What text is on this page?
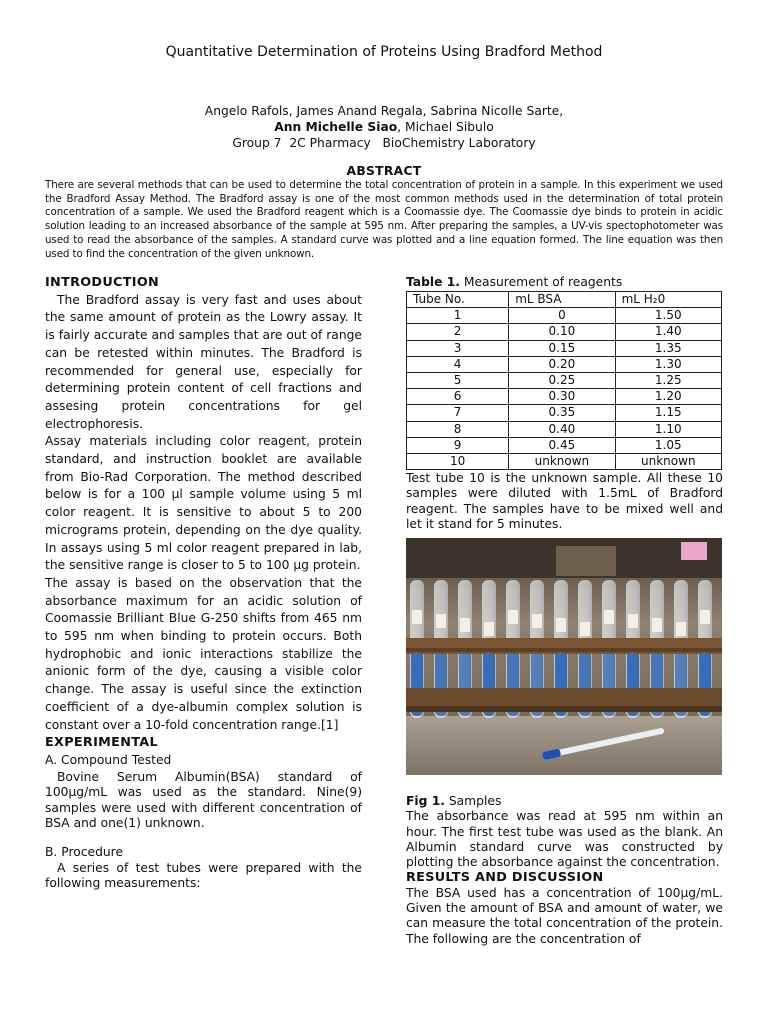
Quantitative Determination of Proteins Using Bradford Method
Angelo Rafols, James Anand Regala, Sabrina Nicolle Sarte,
Ann Michelle Siao, Michael Sibulo
Group 7  2C Pharmacy   BioChemistry Laboratory
ABSTRACT
There are several methods that can be used to determine the total concentration of protein in a sample. In this experiment we used the Bradford Assay Method. The Bradford assay is one of the most common methods used in the determination of total protein concentration of a sample. We used the Bradford reagent which is a Coomassie dye. The Coomassie dye binds to protein in acidic solution leading to an increased absorbance of the sample at 595 nm. After preparing the samples, a UV-vis spectophotometer was used to read the absorbance of the samples. A standard curve was plotted and a line equation formed. The line equation was then used to find the concentration of the given unknown.
INTRODUCTION

The Bradford assay is very fast and uses about the same amount of protein as the Lowry assay. It is fairly accurate and samples that are out of range can be retested within minutes. The Bradford is recommended for general use, especially for determining protein content of cell fractions and assesing protein concentrations for gel electrophoresis.

Assay materials including color reagent, protein standard, and instruction booklet are available from Bio-Rad Corporation. The method described below is for a 100 µl sample volume using 5 ml color reagent. It is sensitive to about 5 to 200 micrograms protein, depending on the dye quality. In assays using 5 ml color reagent prepared in lab, the sensitive range is closer to 5 to 100 µg protein.

The assay is based on the observation that the absorbance maximum for an acidic solution of Coomassie Brilliant Blue G-250 shifts from 465 nm to 595 nm when binding to protein occurs. Both hydrophobic and ionic interactions stabilize the anionic form of the dye, causing a visible color change. The assay is useful since the extinction coefficient of a dye-albumin complex solution is constant over a 10-fold concentration range.[1]

EXPERIMENTAL
A. Compound Tested

Bovine Serum Albumin(BSA) standard of 100µg/mL was used as the standard. Nine(9) samples were used with different concentration of BSA and one(1) unknown.

B. Procedure

A series of test tubes were prepared with the following measurements:

Table 1. Measurement of reagents
Tube No.	mL BSA	mL H₂0
1	0	1.50
2	0.10	1.40
3	0.15	1.35
4	0.20	1.30
5	0.25	1.25
6	0.30	1.20
7	0.35	1.15
8	0.40	1.10
9	0.45	1.05
10	unknown	unknown

Test tube 10 is the unknown sample. All these 10 samples were diluted with 1.5mL of Bradford reagent. The samples have to be mixed well and let it stand for 5 minutes.

Fig 1. Samples

The absorbance was read at 595 nm within an hour. The first test tube was used as the blank. An Albumin standard curve was constructed by plotting the absorbance against the concentration.

RESULTS AND DISCUSSION

The BSA used has a concentration of 100µg/mL. Given the amount of BSA and amount of water, we can measure the total concentration of the protein. The following are the concentration of
